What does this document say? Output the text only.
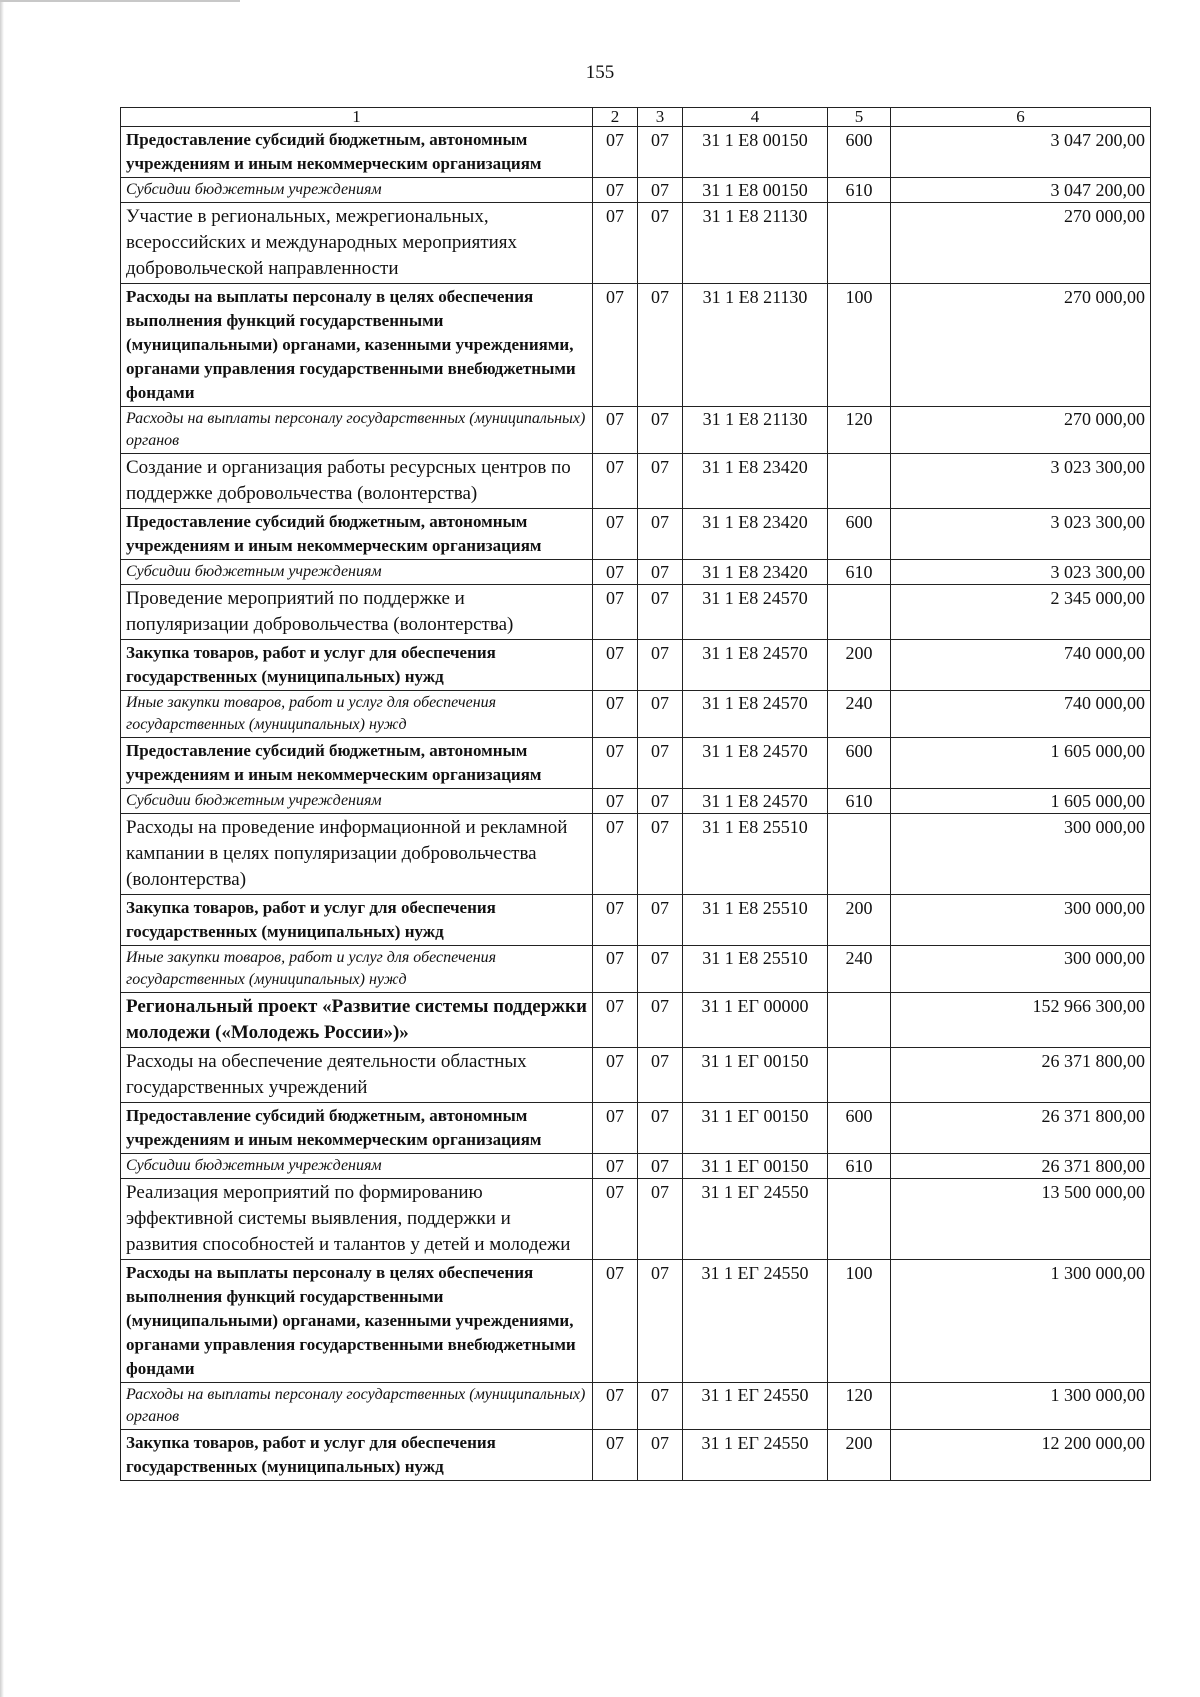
155
1	2	3	4	5	6
Предоставление субсидий бюджетным, автономным учреждениям и иным некоммерческим организациям	07	07	31 1 Е8 00150	600	3 047 200,00
Субсидии бюджетным учреждениям	07	07	31 1 Е8 00150	610	3 047 200,00
Участие в региональных, межрегиональных, всероссийских и международных мероприятиях добровольческой направленности	07	07	31 1 Е8 21130		270 000,00
Расходы на выплаты персоналу в целях обеспечения выполнения функций государственными (муниципальными) органами, казенными учреждениями, органами управления государственными внебюджетными фондами	07	07	31 1 Е8 21130	100	270 000,00
Расходы на выплаты персоналу государственных (муниципальных) органов	07	07	31 1 Е8 21130	120	270 000,00
Создание и организация работы ресурсных центров по поддержке добровольчества (волонтерства)	07	07	31 1 Е8 23420		3 023 300,00
Предоставление субсидий бюджетным, автономным учреждениям и иным некоммерческим организациям	07	07	31 1 Е8 23420	600	3 023 300,00
Субсидии бюджетным учреждениям	07	07	31 1 Е8 23420	610	3 023 300,00
Проведение мероприятий по поддержке и популяризации добровольчества (волонтерства)	07	07	31 1 Е8 24570		2 345 000,00
Закупка товаров, работ и услуг для обеспечения государственных (муниципальных) нужд	07	07	31 1 Е8 24570	200	740 000,00
Иные закупки товаров, работ и услуг для обеспечения государственных (муниципальных) нужд	07	07	31 1 Е8 24570	240	740 000,00
Предоставление субсидий бюджетным, автономным учреждениям и иным некоммерческим организациям	07	07	31 1 Е8 24570	600	1 605 000,00
Субсидии бюджетным учреждениям	07	07	31 1 Е8 24570	610	1 605 000,00
Расходы на проведение информационной и рекламной кампании в целях популяризации добровольчества (волонтерства)	07	07	31 1 Е8 25510		300 000,00
Закупка товаров, работ и услуг для обеспечения государственных (муниципальных) нужд	07	07	31 1 Е8 25510	200	300 000,00
Иные закупки товаров, работ и услуг для обеспечения государственных (муниципальных) нужд	07	07	31 1 Е8 25510	240	300 000,00
Региональный проект «Развитие системы поддержки молодежи («Молодежь России»)»	07	07	31 1 ЕГ 00000		152 966 300,00
Расходы на обеспечение деятельности областных государственных учреждений	07	07	31 1 ЕГ 00150		26 371 800,00
Предоставление субсидий бюджетным, автономным учреждениям и иным некоммерческим организациям	07	07	31 1 ЕГ 00150	600	26 371 800,00
Субсидии бюджетным учреждениям	07	07	31 1 ЕГ 00150	610	26 371 800,00
Реализация мероприятий по формированию эффективной системы выявления, поддержки и развития способностей и талантов у детей и молодежи	07	07	31 1 ЕГ 24550		13 500 000,00
Расходы на выплаты персоналу в целях обеспечения выполнения функций государственными (муниципальными) органами, казенными учреждениями, органами управления государственными внебюджетными фондами	07	07	31 1 ЕГ 24550	100	1 300 000,00
Расходы на выплаты персоналу государственных (муниципальных) органов	07	07	31 1 ЕГ 24550	120	1 300 000,00
Закупка товаров, работ и услуг для обеспечения государственных (муниципальных) нужд	07	07	31 1 ЕГ 24550	200	12 200 000,00
